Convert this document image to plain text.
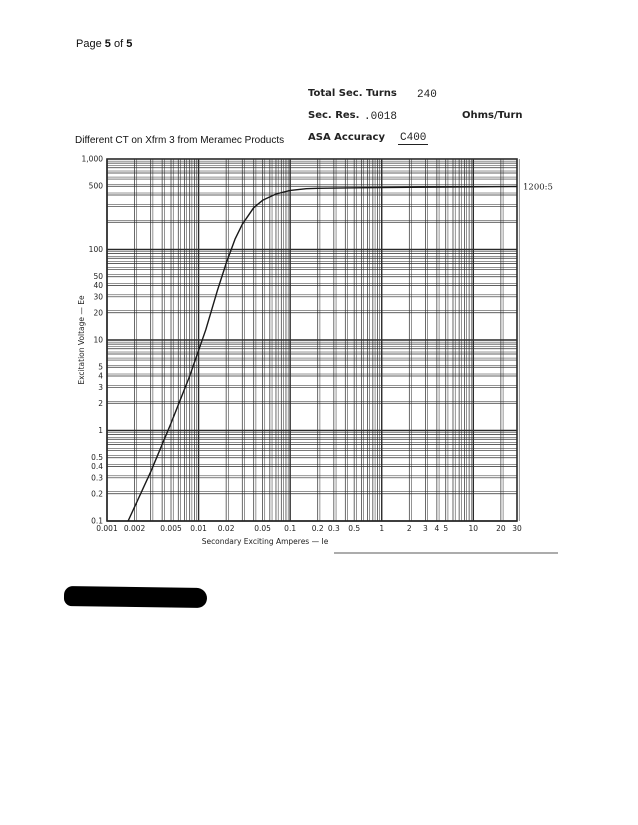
Page 5 of 5
Total Sec. Turns 240
Sec. Res. .0018	Ohms/Turn
ASA Accuracy C400
Different CT on Xfrm 3 from Meramec Products
0.001 0.002 0.005 0.01 0.02	0.05 0.1 0.2 0.3 0.5	1	2 3 4 5	10 20 30
0.1
0.2
0.3
0.4
0.5
1
2
3
4
5
10
20
30
40
50
100
500
1,000
1200:5
Secondary Exciting Amperes — Ie
Excitation Voltage — Ee
